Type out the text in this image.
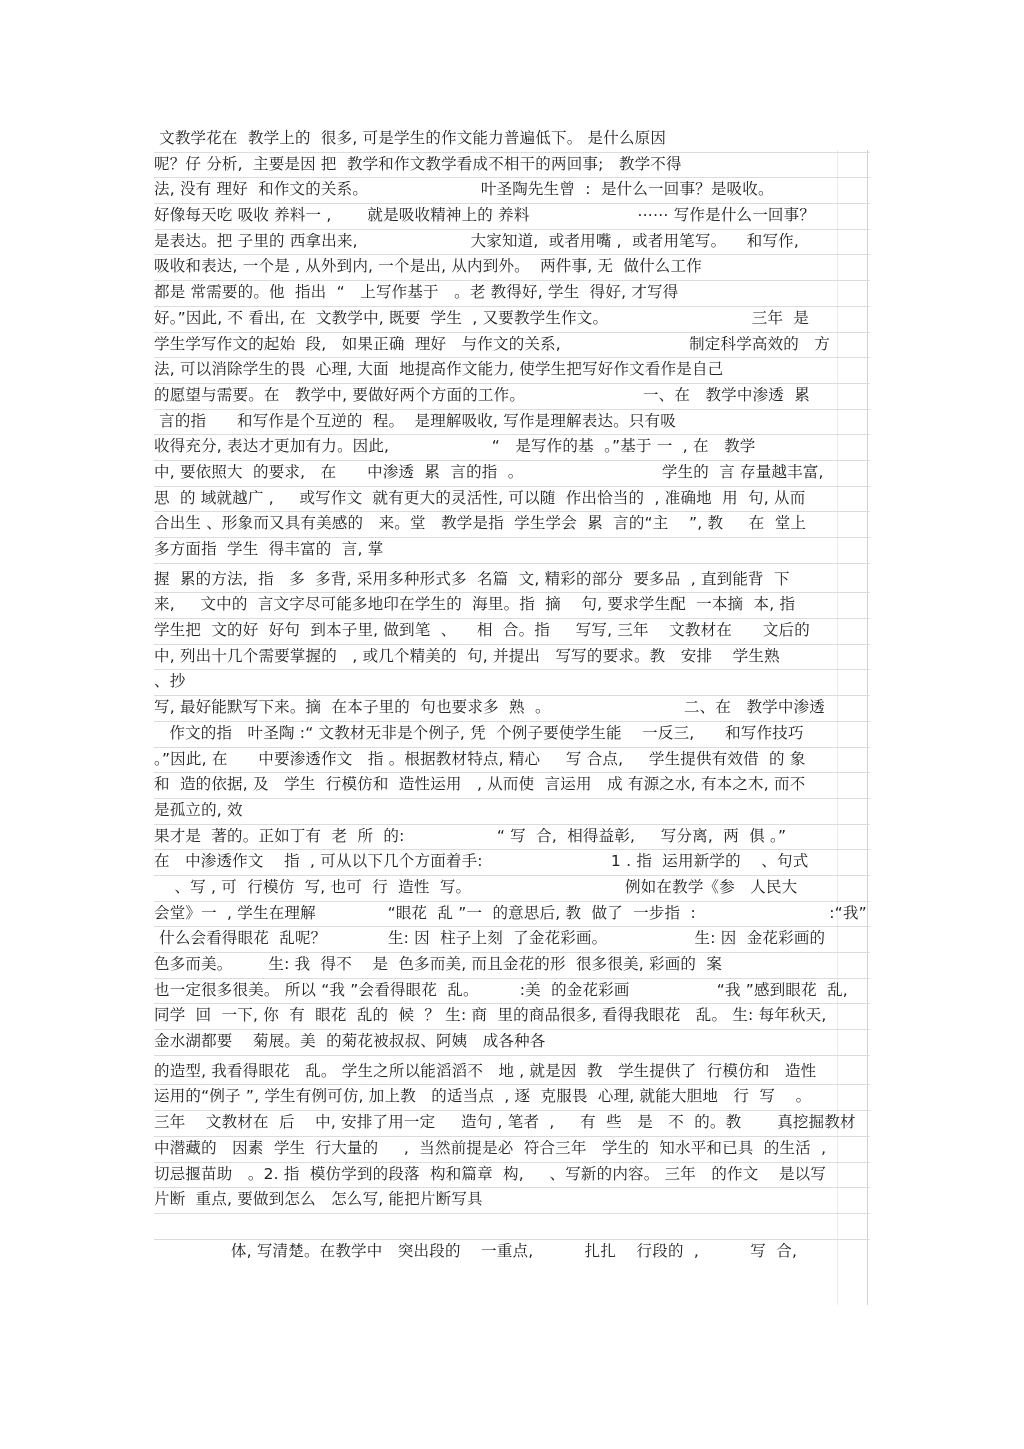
文教学花在  教学上的  很多, 可是学生的作文能力普遍低下。 是什么原因
呢？仔 分析,  主要是因 把  教学和作文教学看成不相干的两回事;   教学不得
法, 没有 理好  和作文的关系。                      叶圣陶先生曾  :  是什么一回事？是吸收。
好像每天吃 吸收 养料一 ,       就是吸收精神上的 养料                     ⋯⋯ 写作是什么一回事？
是表达。把 子里的 西拿出来,                      大家知道,  或者用嘴 ,  或者用笔写。    和写作,
吸收和表达, 一个是 , 从外到内, 一个是出, 从内到外。  两件事, 无  做什么工作
都是 常需要的。他  指出  “   上写作基于   。老 教得好, 学生  得好, 才写得
好。”因此, 不 看出, 在  文教学中, 既要  学生  , 又要教学生作文。                            三年  是
学生学写作文的起始  段,   如果正确  理好   与作文的关系,                         制定科学高效的   方
法, 可以消除学生的畏  心理, 大面  地提高作文能力, 使学生把写好作文看作是自己
的愿望与需要。在   教学中, 要做好两个方面的工作。                       一、在   教学中渗透  累
言的指      和写作是个互逆的  程。  是理解吸收, 写作是理解表达。只有吸
收得充分, 表达才更加有力。因此,                    “   是写作的基  。”基于 一  , 在   教学
中, 要依照大  的要求,   在      中渗透  累  言的指  。                           学生的  言 存量越丰富,
思  的 域就越广 ,     或写作文  就有更大的灵活性, 可以随  作出恰当的  , 准确地  用  句, 从而
合出生 、形象而又具有美感的   来。堂   教学是指  学生学会  累  言的“主    ”, 教     在  堂上
多方面指  学生  得丰富的  言, 掌
握  累的方法,  指   多  多背, 采用多种形式多  名篇  文, 精彩的部分  要多品  , 直到能背  下
来,     文中的  言文字尽可能多地印在学生的  海里。指  摘    句, 要求学生配  一本摘  本, 指
学生把  文的好  好句  到本子里, 做到笔  、    相  合。指     写写, 三年    文教材在      文后的
中, 列出十几个需要掌握的   , 或几个精美的  句, 并提出   写写的要求。教   安排    学生熟
、抄
写, 最好能默写下来。摘  在本子里的  句也要求多  熟  。                          二、在   教学中渗透
作文的指   叶圣陶 :“ 文教材无非是个例子, 凭  个例子要使学生能    一反三,      和写作技巧
。”因此, 在      中要渗透作文   指 。根据教材特点, 精心     写 合点,     学生提供有效借  的 象
和  造的依据, 及   学生  行模仿和  造性运用   , 从而使  言运用   成 有源之水, 有本之木, 而不
是孤立的, 效
果才是  著的。正如丁有  老  所  的:                  “ 写  合,  相得益彰,     写分离,  两  俱 。”
在   中渗透作文    指  , 可从以下几个方面着手:                         1 . 指  运用新学的    、句式
、写 , 可  行模仿  写, 也可  行  造性  写。                              例如在教学《参   人民大
会堂》一  , 学生在理解              “眼花  乱 ”一  的意思后, 教  做了  一步指  :                          :“我”
什么会看得眼花  乱呢？            生: 因  柱子上刻  了金花彩画。                 生: 因  金花彩画的
色多而美。       生: 我  得不    是  色多而美, 而且金花的形  很多很美, 彩画的  案
也一定很多很美。 所以 “我 ”会看得眼花  乱。        :美  的金花彩画                 “我 ”感到眼花  乱,
同学  回  一下, 你  有  眼花  乱的  候  ？ 生: 商  里的商品很多, 看得我眼花   乱。 生: 每年秋天,
金水湖都要    菊展。美  的菊花被叔叔、阿姨   成各种各
的造型, 我看得眼花   乱。 学生之所以能滔滔不   地 , 就是因  教   学生提供了  行模仿和   造性
运用的“例子 ”, 学生有例可仿, 加上教   的适当点  , 逐  克服畏  心理, 就能大胆地   行  写    。
三年    文教材在  后    中, 安排了用一定     造句 , 笔者  ,     有  些   是   不  的。教       真挖掘教材
中潜藏的   因素  学生  行大量的     ,  当然前提是必  符合三年   学生的  知水平和已具  的生活  ,
切忌揠苗助   。2. 指  模仿学到的段落  构和篇章  构,     、写新的内容。 三年   的作文    是以写
片断  重点, 要做到怎么   怎么写, 能把片断写具
体, 写清楚。在教学中   突出段的    一重点,          扎扎    行段的  ,          写  合,
